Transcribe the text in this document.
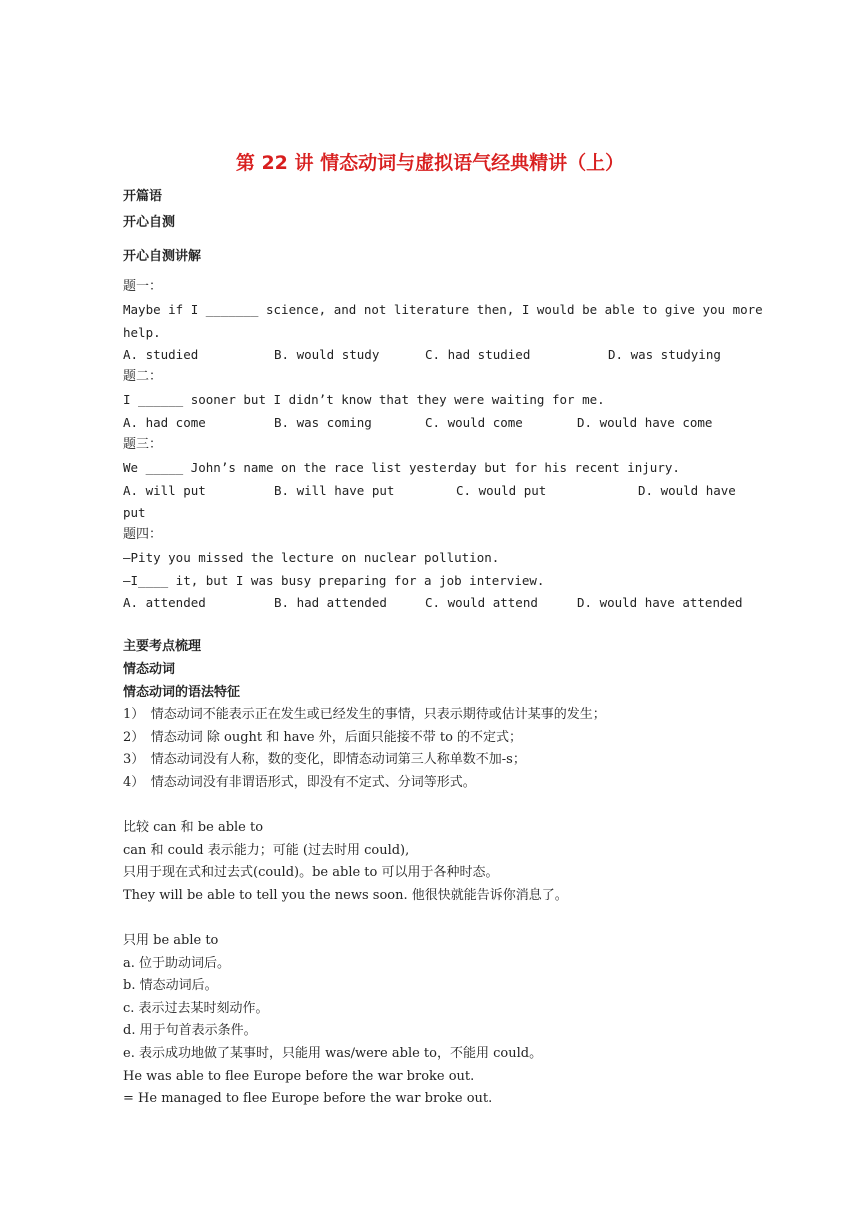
第 22 讲 情态动词与虚拟语气经典精讲（上）
开篇语
开心自测
开心自测讲解
题一：
Maybe if I _______ science, and not literature then, I would be able to give you more
help.
A. studied	B. would study	C. had studied	D. was studying
题二：
I ______ sooner but I didn’t know that they were waiting for me.
A. had come	B. was coming	C. would come	D. would have come
题三：
We _____ John’s name on the race list yesterday but for his recent injury.
A. will put	B. will have put	C. would put	D. would have
put
题四：
—Pity you missed the lecture on nuclear pollution.
—I____ it, but I was busy preparing for a job interview.
A. attended	B. had attended	C. would attend	D. would have attended
主要考点梳理
情态动词
情态动词的语法特征
1）　情态动词不能表示正在发生或已经发生的事情，只表示期待或估计某事的发生；
2）　情态动词 除 ought 和 have 外，后面只能接不带 to 的不定式；
3）　情态动词没有人称，数的变化，即情态动词第三人称单数不加-s；
4）　情态动词没有非谓语形式，即没有不定式、分词等形式。
比较 can 和 be able to
can 和 could 表示能力；可能 (过去时用 could),
只用于现在式和过去式(could)。be able to 可以用于各种时态。
They will be able to tell you the news soon. 他很快就能告诉你消息了。
只用 be able to
a. 位于助动词后。
b. 情态动词后。
c. 表示过去某时刻动作。
d. 用于句首表示条件。
e. 表示成功地做了某事时，只能用 was/were able to，不能用 could。
He was able to flee Europe before the war broke out.
= He managed to flee Europe before the war broke out.
